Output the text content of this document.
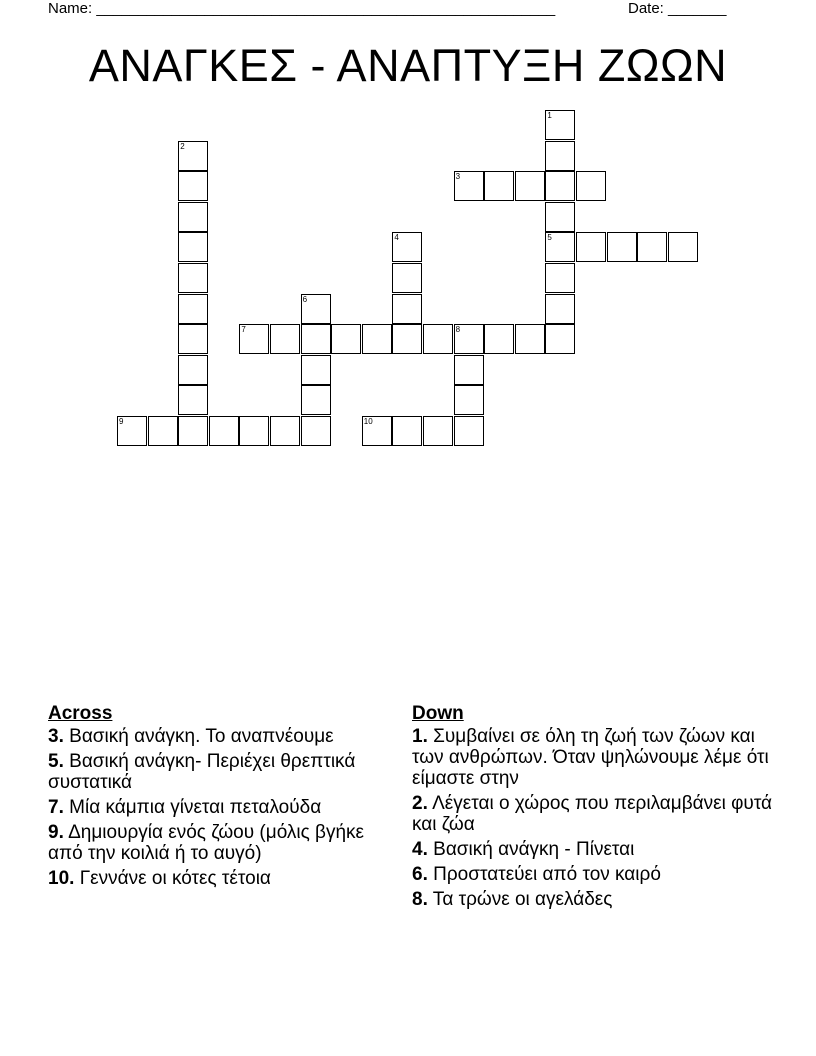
Name: _______________________________________________________	Date: _______
ΑΝΑΓΚΕΣ - ΑΝΑΠΤΥΞΗ ΖΩΩΝ
1
5
2
3
4
6
7	8
9	10
Across
3. Βασική ανάγκη. Το αναπνέουμε
5. Βασική ανάγκη- Περιέχει θρεπτικά συστατικά
7. Μία κάμπια γίνεται πεταλούδα
9. Δημιουργία ενός ζώου (μόλις βγήκε από την κοιλιά ή το αυγό)
10. Γεννάνε οι κότες τέτοια
Down
1. Συμβαίνει σε όλη τη ζωή των ζώων και των ανθρώπων. Όταν ψηλώνουμε λέμε ότι είμαστε στην
2. Λέγεται ο χώρος που περιλαμβάνει φυτά και ζώα
4. Βασική ανάγκη - Πίνεται
6. Προστατεύει από τον καιρό
8. Τα τρώνε οι αγελάδες
